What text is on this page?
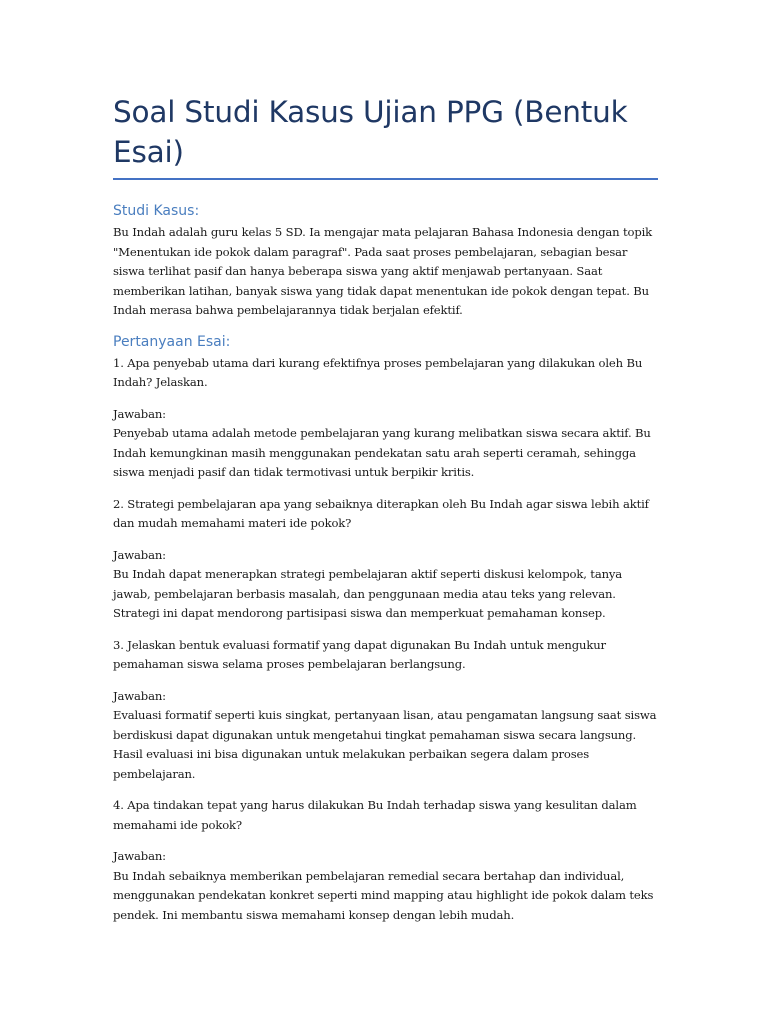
Soal Studi Kasus Ujian PPG (Bentuk Esai)
Studi Kasus:

Bu Indah adalah guru kelas 5 SD. Ia mengajar mata pelajaran Bahasa Indonesia dengan topik "Menentukan ide pokok dalam paragraf". Pada saat proses pembelajaran, sebagian besar siswa terlihat pasif dan hanya beberapa siswa yang aktif menjawab pertanyaan. Saat memberikan latihan, banyak siswa yang tidak dapat menentukan ide pokok dengan tepat. Bu Indah merasa bahwa pembelajarannya tidak berjalan efektif.

Pertanyaan Esai:

1. Apa penyebab utama dari kurang efektifnya proses pembelajaran yang dilakukan oleh Bu Indah? Jelaskan.

Jawaban:

Penyebab utama adalah metode pembelajaran yang kurang melibatkan siswa secara aktif. Bu Indah kemungkinan masih menggunakan pendekatan satu arah seperti ceramah, sehingga siswa menjadi pasif dan tidak termotivasi untuk berpikir kritis.

2. Strategi pembelajaran apa yang sebaiknya diterapkan oleh Bu Indah agar siswa lebih aktif dan mudah memahami materi ide pokok?

Jawaban:

Bu Indah dapat menerapkan strategi pembelajaran aktif seperti diskusi kelompok, tanya jawab, pembelajaran berbasis masalah, dan penggunaan media atau teks yang relevan. Strategi ini dapat mendorong partisipasi siswa dan memperkuat pemahaman konsep.

3. Jelaskan bentuk evaluasi formatif yang dapat digunakan Bu Indah untuk mengukur pemahaman siswa selama proses pembelajaran berlangsung.

Jawaban:

Evaluasi formatif seperti kuis singkat, pertanyaan lisan, atau pengamatan langsung saat siswa berdiskusi dapat digunakan untuk mengetahui tingkat pemahaman siswa secara langsung. Hasil evaluasi ini bisa digunakan untuk melakukan perbaikan segera dalam proses pembelajaran.

4. Apa tindakan tepat yang harus dilakukan Bu Indah terhadap siswa yang kesulitan dalam memahami ide pokok?

Jawaban:

Bu Indah sebaiknya memberikan pembelajaran remedial secara bertahap dan individual, menggunakan pendekatan konkret seperti mind mapping atau highlight ide pokok dalam teks pendek. Ini membantu siswa memahami konsep dengan lebih mudah.
